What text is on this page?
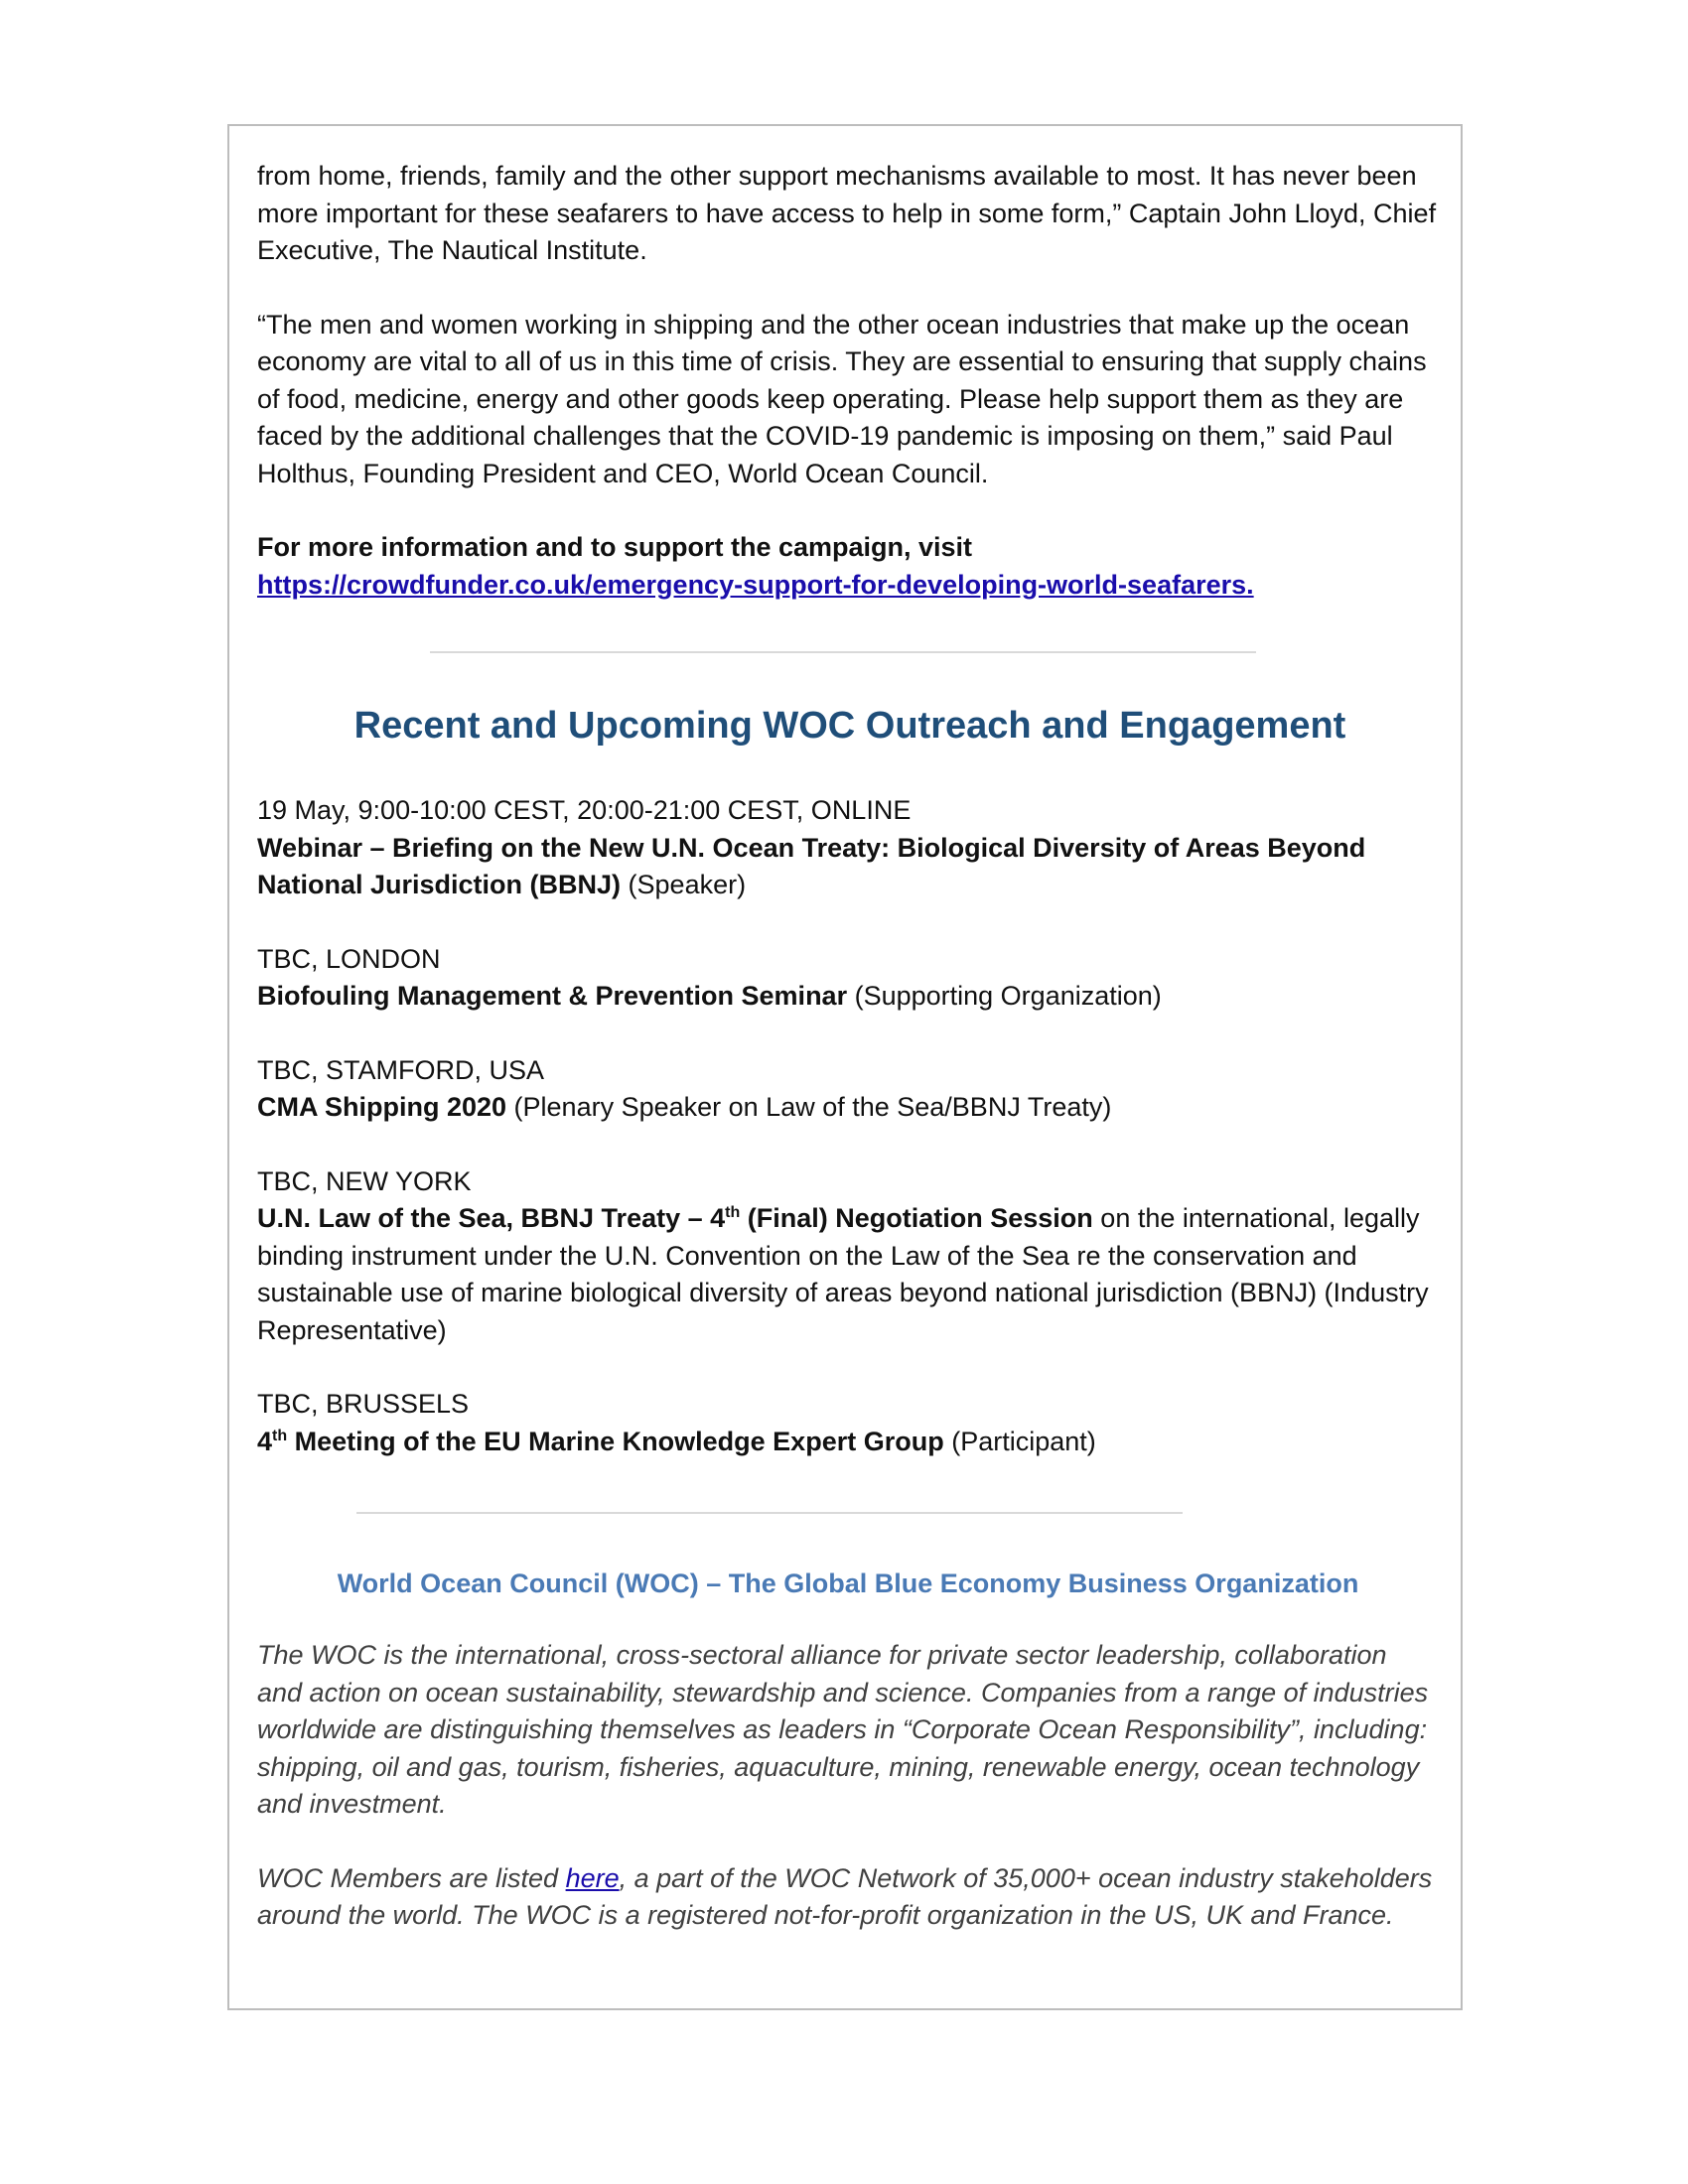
from home, friends, family and the other support mechanisms available to most. It has never been more important for these seafarers to have access to help in some form,” Captain John Lloyd, Chief Executive, The Nautical Institute.

“The men and women working in shipping and the other ocean industries that make up the ocean economy are vital to all of us in this time of crisis. They are essential to ensuring that supply chains of food, medicine, energy and other goods keep operating. Please help support them as they are faced by the additional challenges that the COVID-19 pandemic is imposing on them,” said Paul Holthus, Founding President and CEO, World Ocean Council.

For more information and to support the campaign, visit
https://crowdfunder.co.uk/emergency-support-for-developing-world-seafarers.

Recent and Upcoming WOC Outreach and Engagement

19 May, 9:00-10:00 CEST, 20:00-21:00 CEST, ONLINE

Webinar – Briefing on the New U.N. Ocean Treaty: Biological Diversity of Areas Beyond National Jurisdiction (BBNJ) (Speaker)

TBC, LONDON

Biofouling Management & Prevention Seminar (Supporting Organization)

TBC, STAMFORD, USA

CMA Shipping 2020 (Plenary Speaker on Law of the Sea/BBNJ Treaty)

TBC, NEW YORK

U.N. Law of the Sea, BBNJ Treaty – 4th (Final) Negotiation Session on the international, legally binding instrument under the U.N. Convention on the Law of the Sea re the conservation and sustainable use of marine biological diversity of areas beyond national jurisdiction (BBNJ) (Industry Representative)

TBC, BRUSSELS

4th Meeting of the EU Marine Knowledge Expert Group (Participant)

World Ocean Council (WOC) – The Global Blue Economy Business Organization

The WOC is the international, cross-sectoral alliance for private sector leadership, collaboration and action on ocean sustainability, stewardship and science. Companies from a range of industries worldwide are distinguishing themselves as leaders in “Corporate Ocean Responsibility”, including: shipping, oil and gas, tourism, fisheries, aquaculture, mining, renewable energy, ocean technology and investment.

WOC Members are listed here, a part of the WOC Network of 35,000+ ocean industry stakeholders around the world. The WOC is a registered not-for-profit organization in the US, UK and France.
